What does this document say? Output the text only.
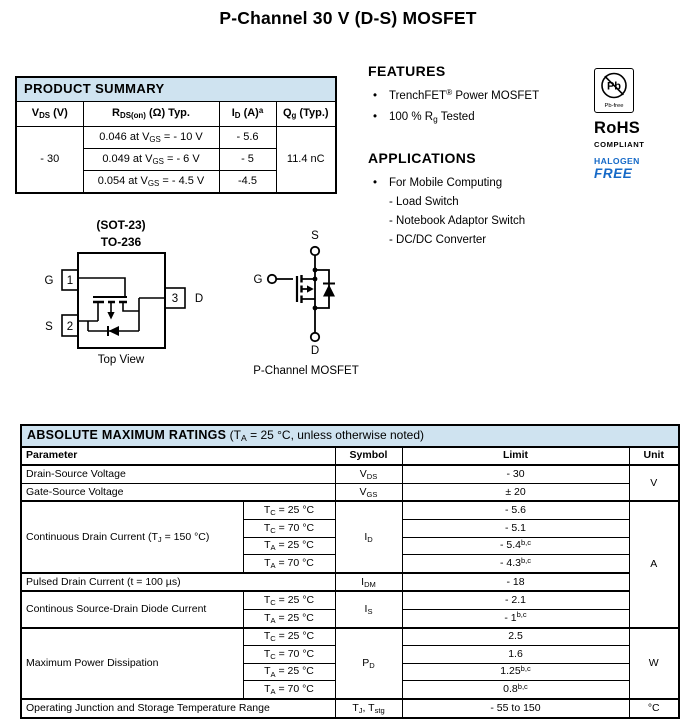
P-Channel 30 V (D-S) MOSFET
PRODUCT SUMMARY			
$V_{DS}$ (V)	$R_{DS(on)}$ (Ω) Typ.	$I_D$ $(A)^a$	$Q_g$ (Typ.)
- 30	0.046 at $V_{GS}$ = - 10 V	- 5.6	11.4 nC
	0.049 at $V_{GS}$ = - 6 V	- 5	
	0.054 at $V_{GS}$ = - 4.5 V	-4.5	
FEATURES
•	TrenchFET® Power MOSFET
•	100 % $R_g$ Tested
APPLICATIONS
•	For Mobile Computing
- Load Switch
- Notebook Adaptor Switch
- DC/DC Converter
Pb
Pb-free
RoHS
COMPLIANT
HALOGEN
FREE
(SOT-23)
TO-236
1
2
3
G
S
D
Top View
S
G
D
P-Channel MOSFET
ABSOLUTE MAXIMUM RATINGS ($T_A = 25$ °C, unless otherwise noted)				
Parameter		Symbol	Limit	Unit
Drain-Source Voltage		$V_{DS}$	- 30	V
Gate-Source Voltage		$V_{GS}$	± 20	
Continuous Drain Current ($T_J = 150$ °C)	$T_C = 25$ °C	$I_D$	- 5.6	A
	$T_C = 70$ °C		- 5.1	
	$T_A = 25$ °C		- 5.4$^{b,c}$
	$T_A = 70$ °C		- 4.3$^{b,c}$
Pulsed Drain Current (t = 100 µs)		$I_{DM}$	- 18	
Continous Source-Drain Diode Current	$T_C = 25$ °C	$I_S$	- 2.1	
	$T_A = 25$ °C		- 1$^{b,c}$
Maximum Power Dissipation	$T_C = 25$ °C	$P_D$	2.5	W
	$T_C = 70$ °C		1.6	
	$T_A = 25$ °C		1.25$^{b,c}$
	$T_A = 70$ °C		0.8$^{b,c}$
Operating Junction and Storage Temperature Range		$T_J$, $T_{stg}$	- 55 to 150	°C
